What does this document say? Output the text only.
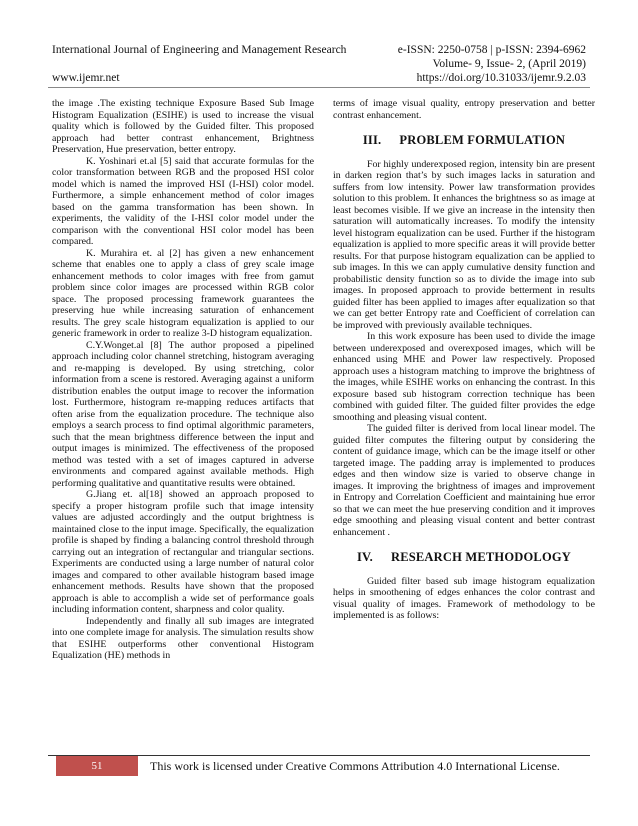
International Journal of Engineering and Management Research	e-ISSN: 2250-0758 | p-ISSN: 2394-6962
Volume- 9, Issue- 2, (April 2019)
www.ijemr.net	https://doi.org/10.31033/ijemr.9.2.03

the image .The existing technique Exposure Based Sub Image Histogram Equalization (ESIHE) is used to increase the visual quality which is followed by the Guided filter. This proposed approach had better contrast enhancement, Brightness Preservation, Hue preservation, better entropy.

K. Yoshinari et.al [5] said that accurate formulas for the color transformation between RGB and the proposed HSI color model which is named the improved HSI (I-HSI) color model. Furthermore, a simple enhancement method of color images based on the gamma transformation has been shown. In experiments, the validity of the I-HSI color model under the comparison with the conventional HSI color model has been compared.

K. Murahira et. al [2] has given a new enhancement scheme that enables one to apply a class of grey scale image enhancement methods to color images with free from gamut problem since color images are processed within RGB color space. The proposed processing framework guarantees the preserving hue while increasing saturation of enhancement results. The grey scale histogram equalization is applied to our generic framework in order to realize 3-D histogram equalization.

C.Y.Wonget.al [8] The author proposed a pipelined approach including color channel stretching, histogram averaging and re-mapping is developed. By using stretching, color information from a scene is restored. Averaging against a uniform distribution enables the output image to recover the information lost. Furthermore, histogram re-mapping reduces artifacts that often arise from the equalization procedure. The technique also employs a search process to find optimal algorithmic parameters, such that the mean brightness difference between the input and output images is minimized. The effectiveness of the proposed method was tested with a set of images captured in adverse environments and compared against available methods. High performing qualitative and quantitative results were obtained.

G.Jiang et. al[18] showed an approach proposed to specify a proper histogram profile such that image intensity values are adjusted accordingly and the output brightness is maintained close to the input image. Specifically, the equalization profile is shaped by finding a balancing control threshold through carrying out an integration of rectangular and triangular sections. Experiments are conducted using a large number of natural color images and compared to other available histogram based image enhancement methods. Results have shown that the proposed approach is able to accomplish a wide set of performance goals including information content, sharpness and color quality.

Independently and finally all sub images are integrated into one complete image for analysis. The simulation results show that ESIHE outperforms other conventional Histogram Equalization (HE) methods in

terms of image visual quality, entropy preservation and better contrast enhancement.

III. PROBLEM FORMULATION

For highly underexposed region, intensity bin are present in darken region that’s by such images lacks in saturation and suffers from low intensity. Power law transformation provides solution to this problem. It enhances the brightness so as image at least becomes visible. If we give an increase in the intensity then saturation will automatically increases. To modify the intensity level histogram equalization can be used. Further if the histogram equalization is applied to more specific areas it will provide better results. For that purpose histogram equalization can be applied to sub images. In this we can apply cumulative density function and probabilistic density function so as to divide the image into sub images. In proposed approach to provide betterment in results guided filter has been applied to images after equalization so that we can get better Entropy rate and Coefficient of correlation can be improved with previously available techniques.

In this work exposure has been used to divide the image between underexposed and overexposed images, which will be enhanced using MHE and Power law respectively. Proposed approach uses a histogram matching to improve the brightness of the images, while ESIHE works on enhancing the contrast. In this exposure based sub histogram correction technique has been combined with guided filter. The guided filter provides the edge smoothing and pleasing visual content.

The guided filter is derived from local linear model. The guided filter computes the filtering output by considering the content of guidance image, which can be the image itself or other targeted image. The padding array is implemented to produces edges and then window size is varied to observe change in images. It improving the brightness of images and improvement in Entropy and Correlation Coefficient and maintaining hue error so that we can meet the hue preserving condition and it improves edge smoothing and pleasing visual content and better contrast enhancement .

IV. RESEARCH METHODOLOGY

Guided filter based sub image histogram equalization helps in smoothening of edges enhances the color contrast and visual quality of images. Framework of methodology to be implemented is as follows:

51	This work is licensed under Creative Commons Attribution 4.0 International License.
